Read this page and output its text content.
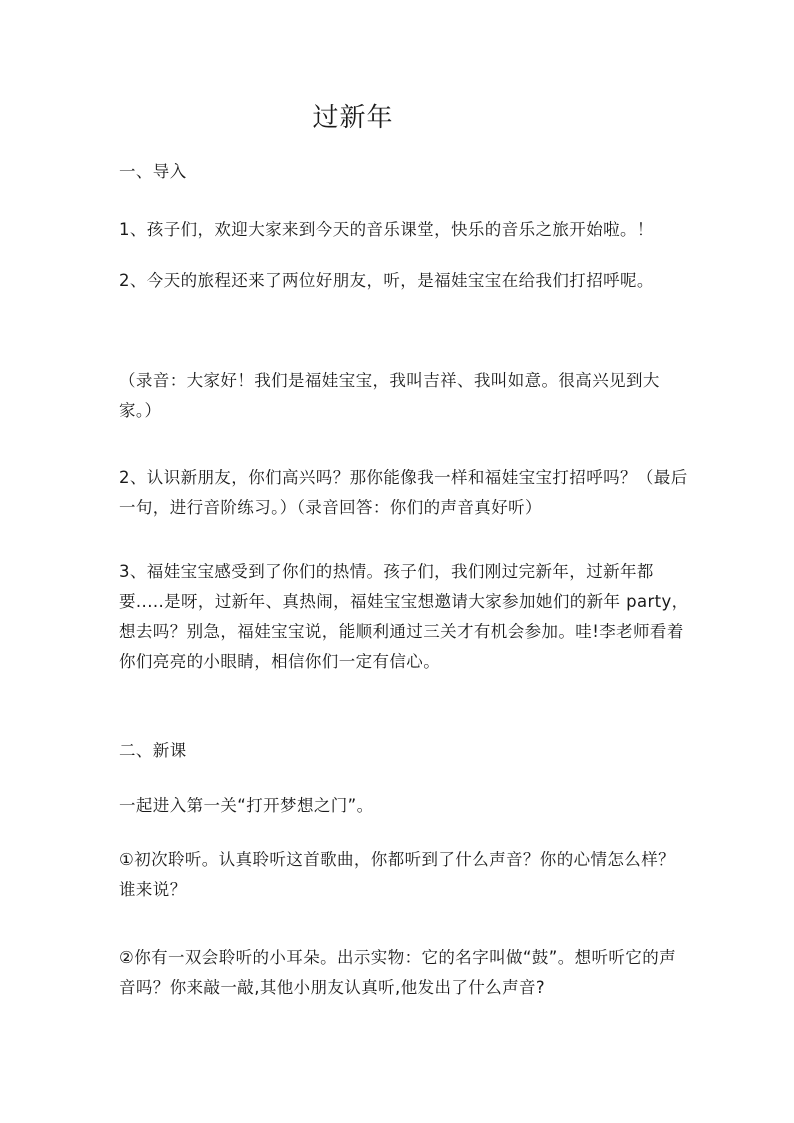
过新年

一、导入

1、孩子们，欢迎大家来到今天的音乐课堂，快乐的音乐之旅开始啦。！

2、今天的旅程还来了两位好朋友，听，是福娃宝宝在给我们打招呼呢。

（录音：大家好！我们是福娃宝宝，我叫吉祥、我叫如意。很高兴见到大家。）

2、认识新朋友，你们高兴吗？那你能像我一样和福娃宝宝打招呼吗？（最后一句，进行音阶练习。）（录音回答：你们的声音真好听）

3、福娃宝宝感受到了你们的热情。孩子们，我们刚过完新年，过新年都要.....是呀，过新年、真热闹，福娃宝宝想邀请大家参加她们的新年 party，想去吗？别急，福娃宝宝说，能顺利通过三关才有机会参加。哇!李老师看着你们亮亮的小眼睛，相信你们一定有信心。

二、新课

一起进入第一关“打开梦想之门”。

①初次聆听。认真聆听这首歌曲，你都听到了什么声音？你的心情怎么样？谁来说？

②你有一双会聆听的小耳朵。出示实物：它的名字叫做“鼓”。想听听它的声音吗？你来敲一敲,其他小朋友认真听,他发出了什么声音?
